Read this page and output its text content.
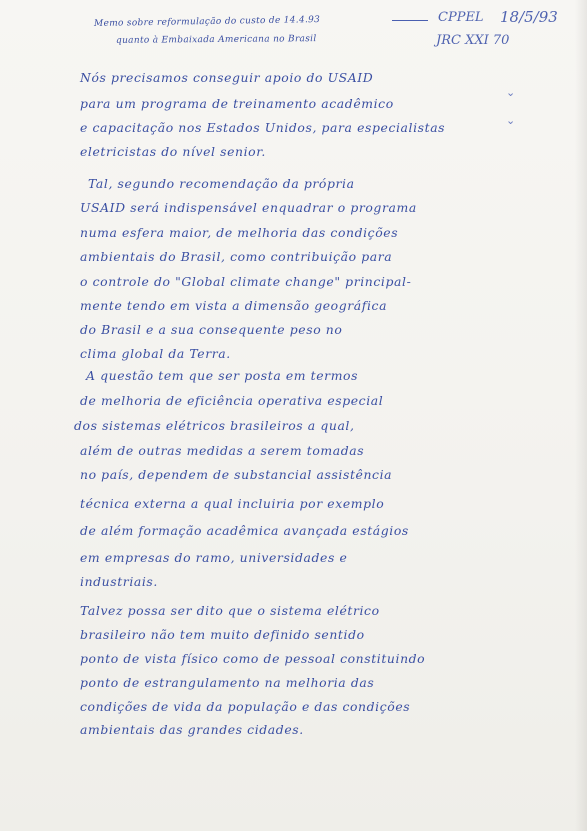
Memo sobre reformulação do custo de 14.4.93
quanto à Embaixada Americana no Brasil
CPPEL 18/5/93
JRC XXI 70
⌄
⌄
Nós precisamos conseguir apoio do USAID
para um programa de treinamento acadêmico
e capacitação nos Estados Unidos, para especialistas
eletricistas do nível senior.
Tal, segundo recomendação da própria
USAID será indispensável enquadrar o programa
numa esfera maior, de melhoria das condições
ambientais do Brasil, como contribuição para
o controle do "Global climate change" principal-
mente tendo em vista a dimensão geográfica
do Brasil e a sua consequente peso no
clima global da Terra.
A questão tem que ser posta em termos
de melhoria de eficiência operativa especial
dos sistemas elétricos brasileiros a qual,
além de outras medidas a serem tomadas
no país, dependem de substancial assistência
técnica externa a qual incluiria por exemplo
de além formação acadêmica avançada estágios
em empresas do ramo, universidades e
industriais.
Talvez possa ser dito que o sistema elétrico
brasileiro não tem muito definido sentido
ponto de vista físico como de pessoal constituindo
ponto de estrangulamento na melhoria das
condições de vida da população e das condições
ambientais das grandes cidades.
